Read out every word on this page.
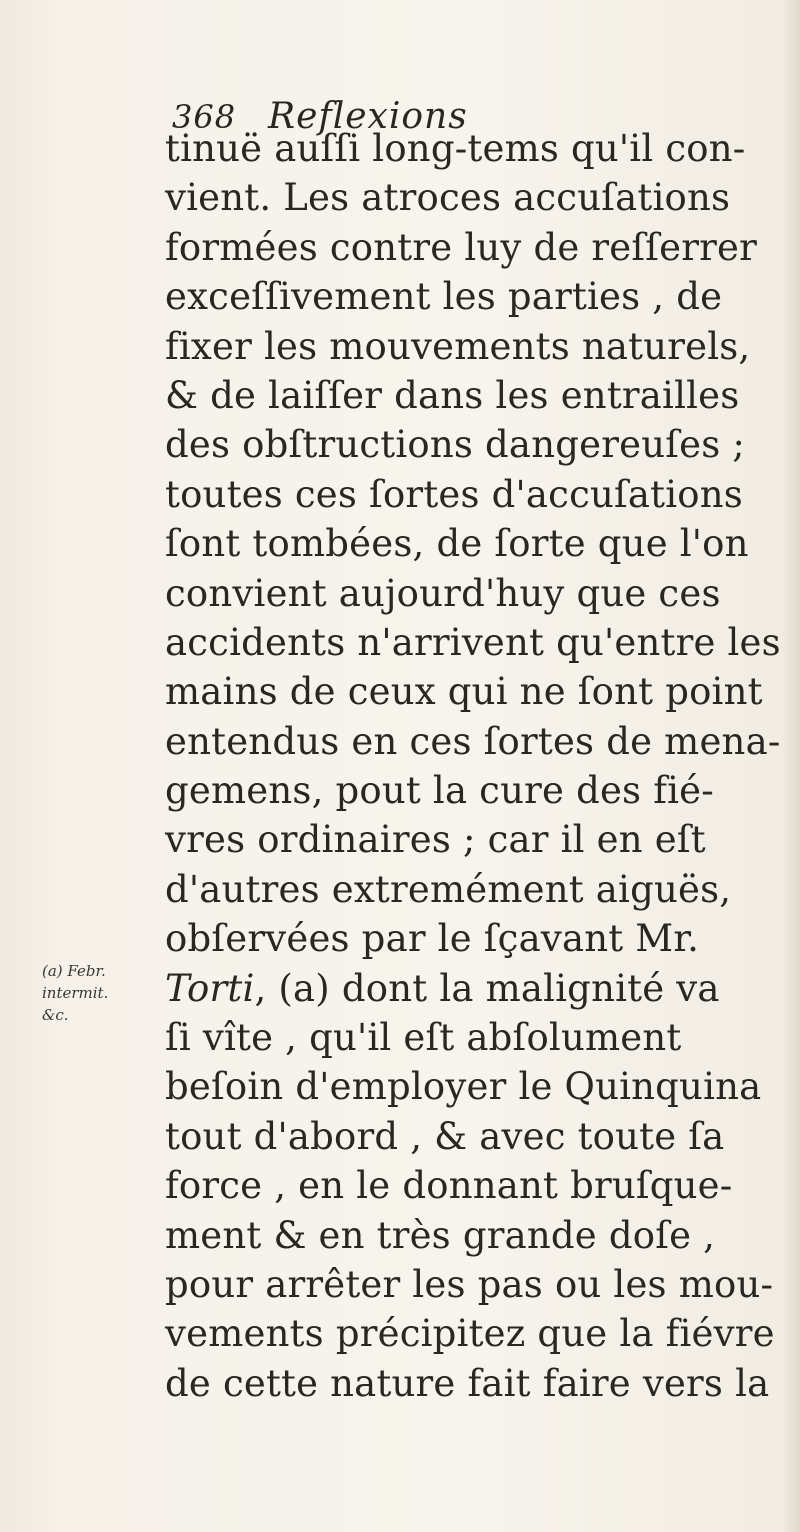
368 Reflexions
tinuë auſſi long-tems qu'il con-
vient. Les atroces accuſations
formées contre luy de reſſerrer
exceſſivement les parties , de
fixer les mouvements naturels,
& de laiſſer dans les entrailles
des obſtructions dangereuſes ;
toutes ces ſortes d'accuſations
ſont tombées, de ſorte que l'on
convient aujourd'huy que ces
accidents n'arrivent qu'entre les
mains de ceux qui ne ſont point
entendus en ces ſortes de mena-
gemens, pout la cure des fié-
vres ordinaires ; car il en eſt
d'autres extremément aiguës,
obſervées par le ſçavant Mr.
Torti, (a) dont la malignité va
ſi vîte , qu'il eſt abſolument
beſoin d'employer le Quinquina
tout d'abord , & avec toute ſa
force , en le donnant bruſque-
ment & en très grande doſe ,
pour arrêter les pas ou les mou-
vements précipitez que la fiévre
de cette nature fait faire vers la
(a) Febr.
intermit.
&c.
